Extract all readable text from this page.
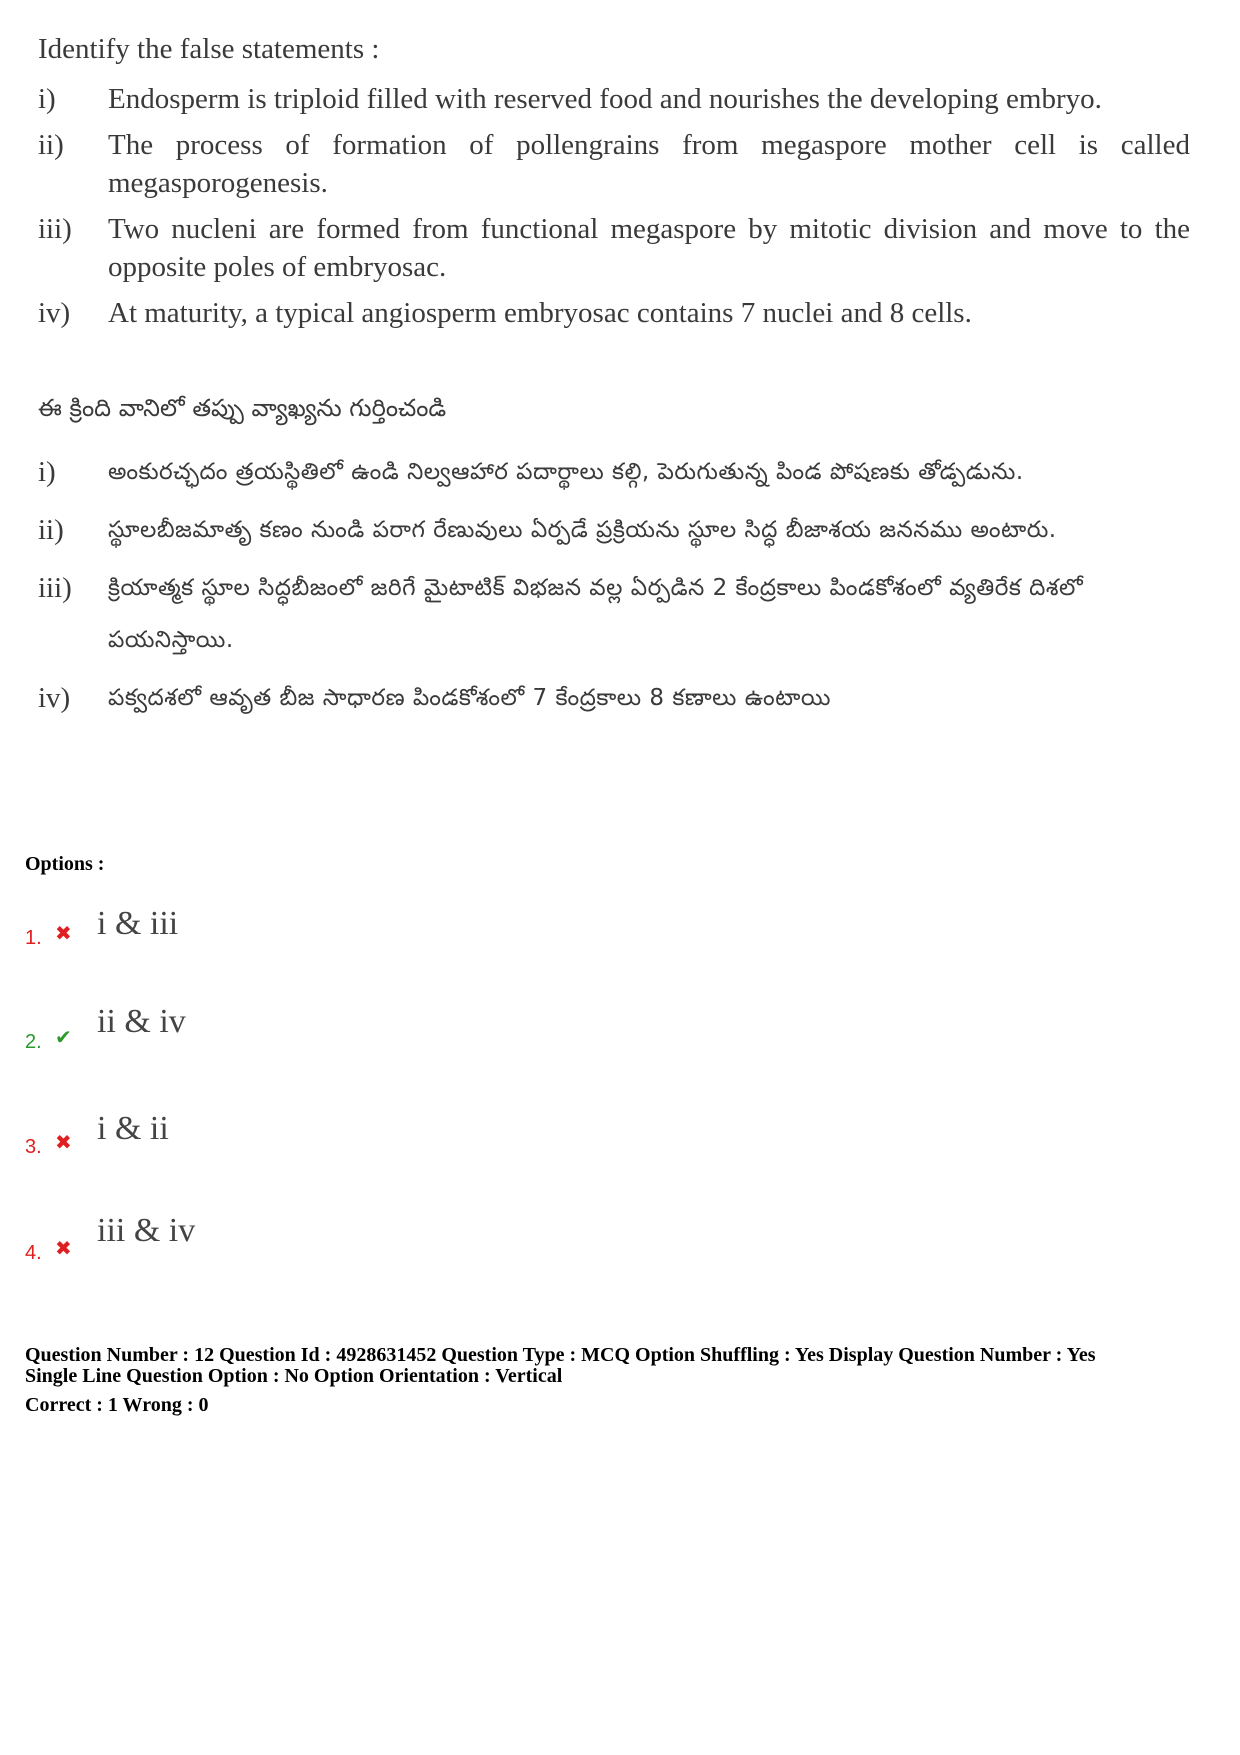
Identify the false statements :
i)	Endosperm is triploid filled with reserved food and nourishes the developing embryo.
ii)	The process of formation of pollengrains from megaspore mother cell is called megasporogenesis.
iii)	Two nucleni are formed from functional megaspore by mitotic division and move to the opposite poles of embryosac.
iv)	At maturity, a typical angiosperm embryosac contains 7 nuclei and 8 cells.
ఈ క్రింది వానిలో తప్పు వ్యాఖ్యను గుర్తించండి
i)	అంకురచ్ఛదం త్రయస్థితిలో ఉండి నిల్వఆహార పదార్థాలు కల్గి, పెరుగుతున్న పిండ పోషణకు తోడ్పడును.
ii)	స్థూలబీజమాతృ కణం నుండి పరాగ రేణువులు ఏర్పడే ప్రక్రియను స్థూల సిద్ధ బీజాశయ జననము అంటారు.
iii)	క్రియాత్మక స్థూల సిద్ధబీజంలో జరిగే మైటాటిక్ విభజన వల్ల ఏర్పడిన 2 కేంద్రకాలు పిండకోశంలో వ్యతిరేక దిశలో పయనిస్తాయి.
iv)	పక్వదశలో ఆవృత బీజ సాధారణ పిండకోశంలో 7 కేంద్రకాలు 8 కణాలు ఉంటాయి
Options :
1. ✖ i & iii
2. ✔ ii & iv
3. ✖ i & ii
4. ✖ iii & iv
Question Number : 12 Question Id : 4928631452 Question Type : MCQ Option Shuffling : Yes Display Question Number : Yes
Single Line Question Option : No Option Orientation : Vertical
Correct : 1 Wrong : 0
